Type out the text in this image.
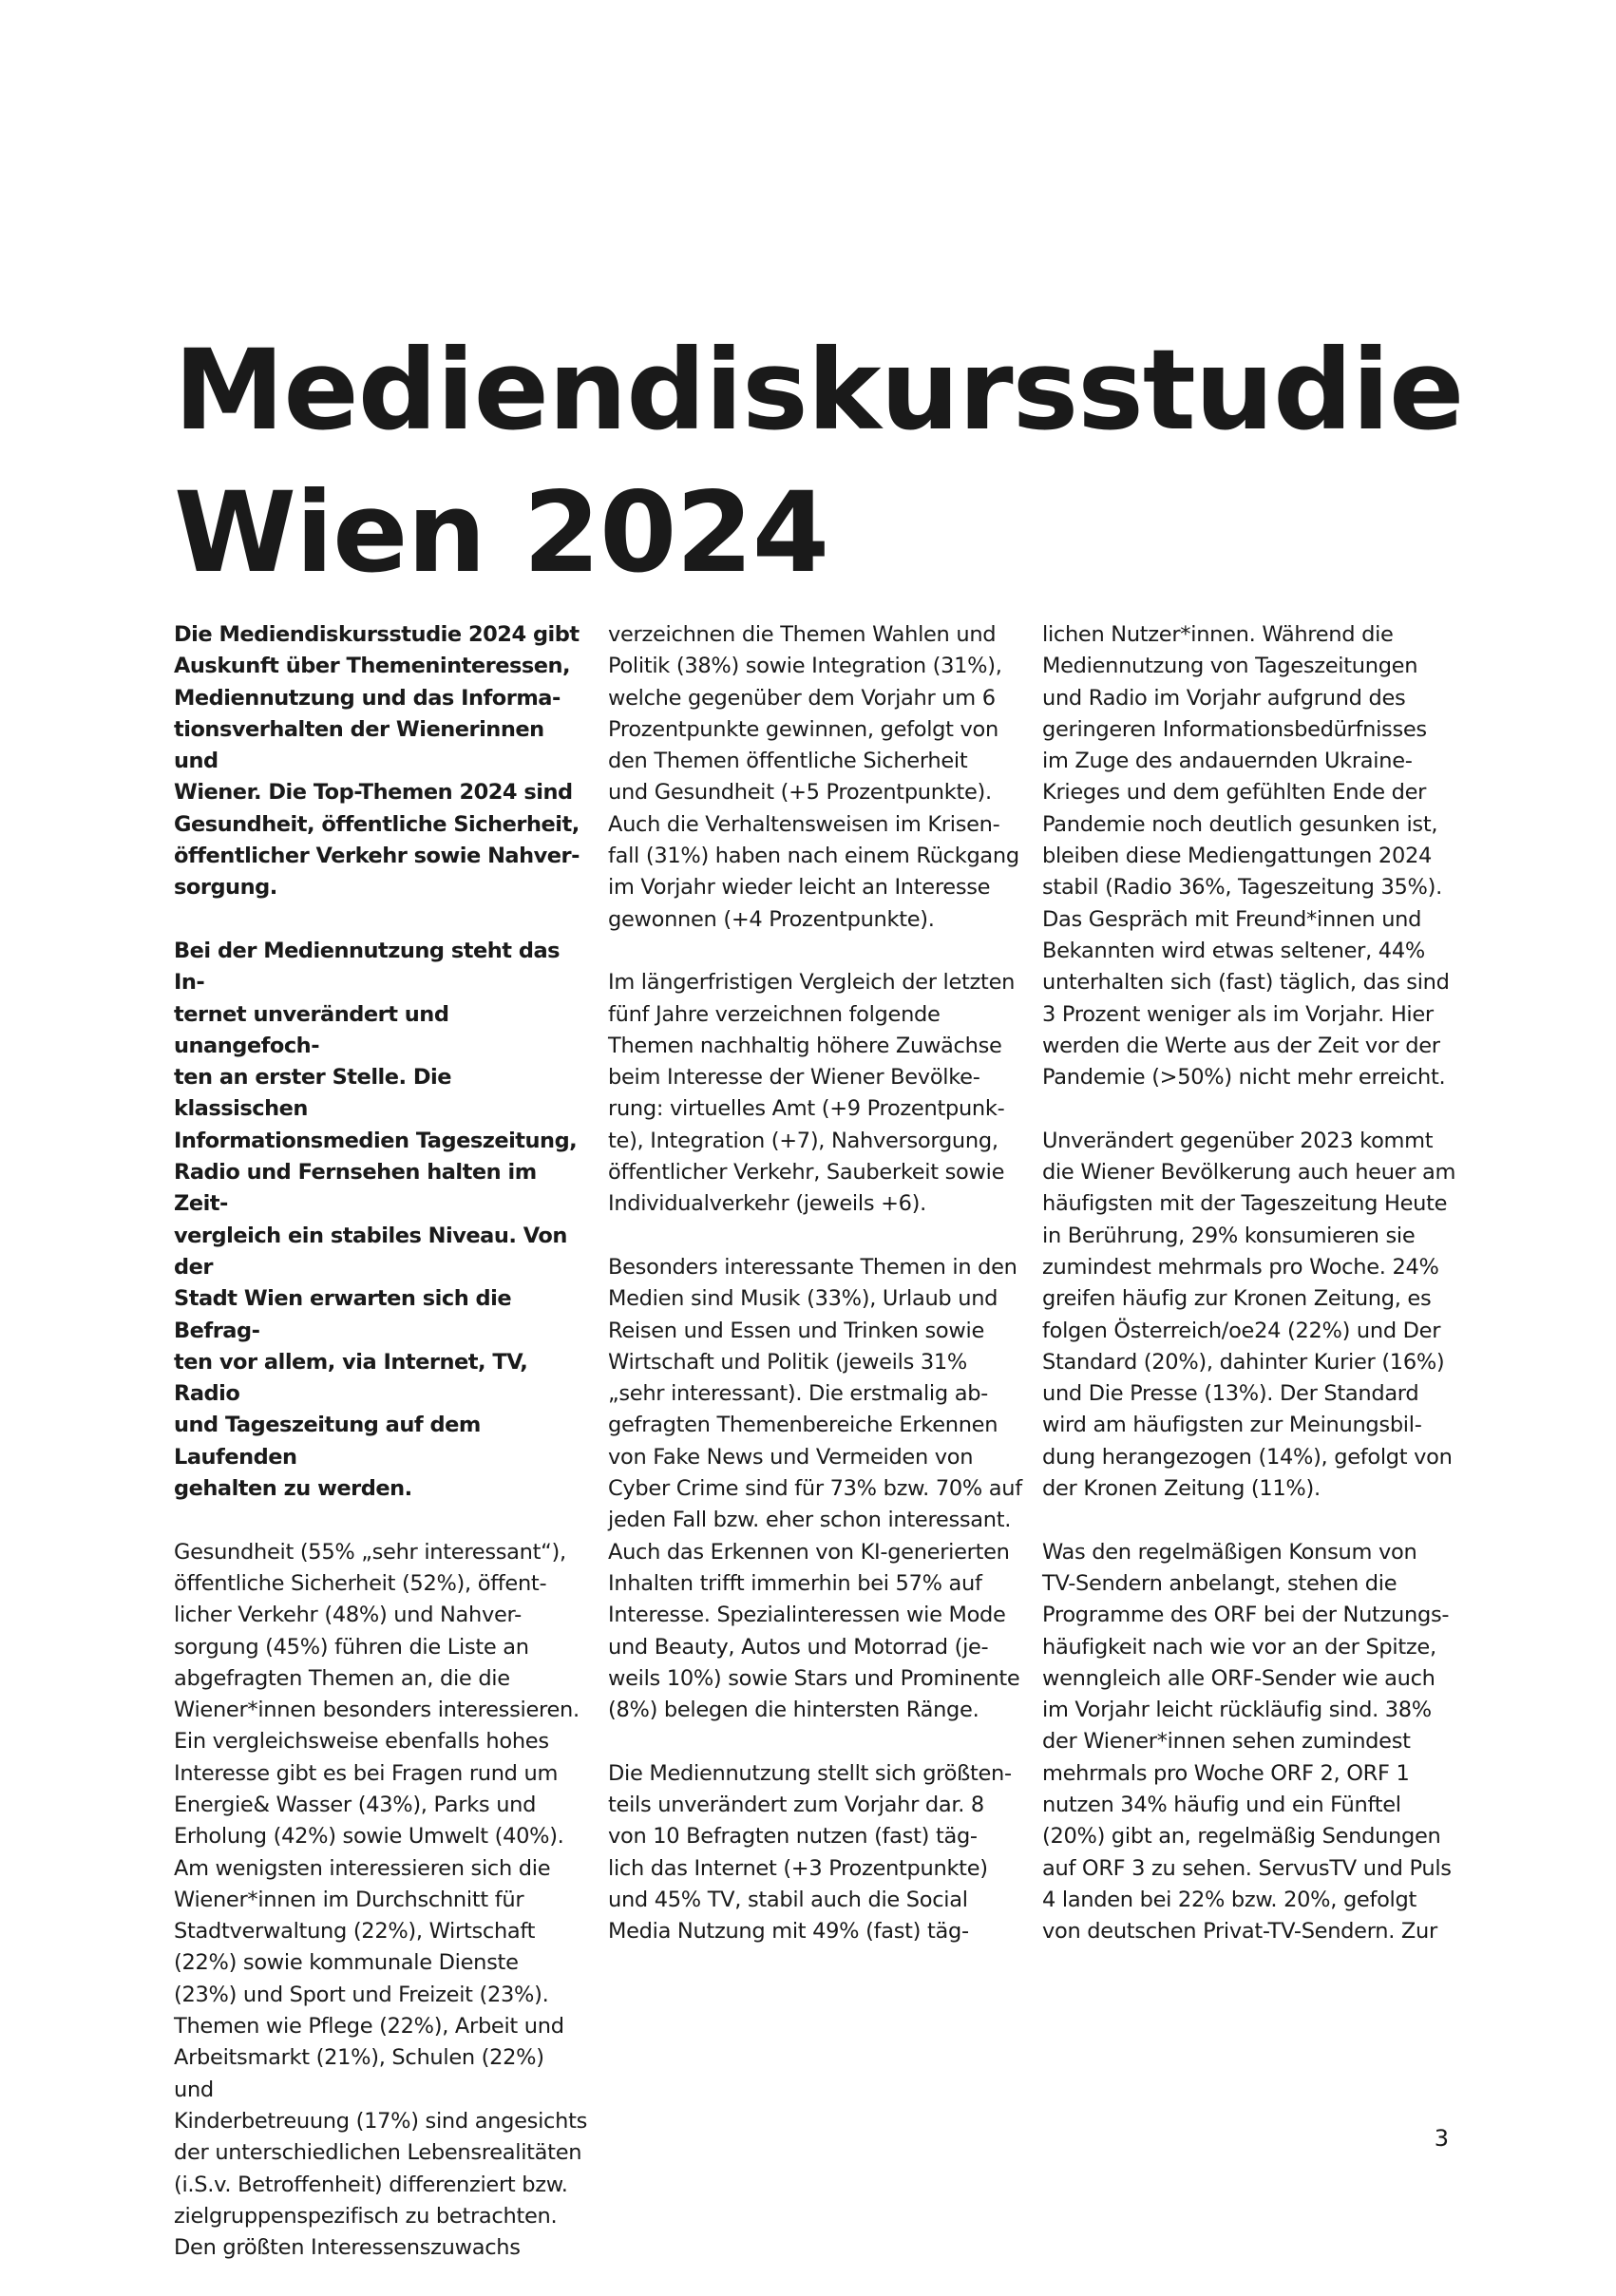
Mediendiskursstudie
Wien 2024

Die Mediendiskursstudie 2024 gibt
Auskunft über Themeninteressen,
Mediennutzung und das Informa-
tionsverhalten der Wienerinnen und
Wiener. Die Top-Themen 2024 sind
Gesundheit, öffentliche Sicherheit,
öffentlicher Verkehr sowie Nahver-
sorgung.

Bei der Mediennutzung steht das In-
ternet unverändert und unangefoch-
ten an erster Stelle. Die klassischen
Informationsmedien Tageszeitung,
Radio und Fernsehen halten im Zeit-
vergleich ein stabiles Niveau. Von der
Stadt Wien erwarten sich die Befrag-
ten vor allem, via Internet, TV, Radio
und Tageszeitung auf dem Laufenden
gehalten zu werden.

Gesundheit (55% „sehr interessant“),
öffentliche Sicherheit (52%), öffent-
licher Verkehr (48%) und Nahver-
sorgung (45%) führen die Liste an
abgefragten Themen an, die die
Wiener*innen besonders interessieren.
Ein vergleichsweise ebenfalls hohes
Interesse gibt es bei Fragen rund um
Energie& Wasser (43%), Parks und
Erholung (42%) sowie Umwelt (40%).
Am wenigsten interessieren sich die
Wiener*innen im Durchschnitt für
Stadtverwaltung (22%), Wirtschaft
(22%) sowie kommunale Dienste
(23%) und Sport und Freizeit (23%).
Themen wie Pflege (22%), Arbeit und
Arbeitsmarkt (21%), Schulen (22%) und
Kinderbetreuung (17%) sind angesichts
der unterschiedlichen Lebensrealitäten
(i.S.v. Betroffenheit) differenziert bzw.
zielgruppenspezifisch zu betrachten.
Den größten Interessenszuwachs

verzeichnen die Themen Wahlen und
Politik (38%) sowie Integration (31%),
welche gegenüber dem Vorjahr um 6
Prozentpunkte gewinnen, gefolgt von
den Themen öffentliche Sicherheit
und Gesundheit (+5 Prozentpunkte).
Auch die Verhaltensweisen im Krisen-
fall (31%) haben nach einem Rückgang
im Vorjahr wieder leicht an Interesse
gewonnen (+4 Prozentpunkte).

Im längerfristigen Vergleich der letzten
fünf Jahre verzeichnen folgende
Themen nachhaltig höhere Zuwächse
beim Interesse der Wiener Bevölke-
rung: virtuelles Amt (+9 Prozentpunk-
te), Integration (+7), Nahversorgung,
öffentlicher Verkehr, Sauberkeit sowie
Individualverkehr (jeweils +6).

Besonders interessante Themen in den
Medien sind Musik (33%), Urlaub und
Reisen und Essen und Trinken sowie
Wirtschaft und Politik (jeweils 31%
„sehr interessant). Die erstmalig ab-
gefragten Themenbereiche Erkennen
von Fake News und Vermeiden von
Cyber Crime sind für 73% bzw. 70% auf
jeden Fall bzw. eher schon interessant.
Auch das Erkennen von KI-generierten
Inhalten trifft immerhin bei 57% auf
Interesse. Spezialinteressen wie Mode
und Beauty, Autos und Motorrad (je-
weils 10%) sowie Stars und Prominente
(8%) belegen die hintersten Ränge.

Die Mediennutzung stellt sich größten-
teils unverändert zum Vorjahr dar. 8
von 10 Befragten nutzen (fast) täg-
lich das Internet (+3 Prozentpunkte)
und 45% TV, stabil auch die Social
Media Nutzung mit 49% (fast) täg-

lichen Nutzer*innen. Während die
Mediennutzung von Tageszeitungen
und Radio im Vorjahr aufgrund des
geringeren Informationsbedürfnisses
im Zuge des andauernden Ukraine-
Krieges und dem gefühlten Ende der
Pandemie noch deutlich gesunken ist,
bleiben diese Mediengattungen 2024
stabil (Radio 36%, Tageszeitung 35%).
Das Gespräch mit Freund*innen und
Bekannten wird etwas seltener, 44%
unterhalten sich (fast) täglich, das sind
3 Prozent weniger als im Vorjahr. Hier
werden die Werte aus der Zeit vor der
Pandemie (>50%) nicht mehr erreicht.

Unverändert gegenüber 2023 kommt
die Wiener Bevölkerung auch heuer am
häufigsten mit der Tageszeitung Heute
in Berührung, 29% konsumieren sie
zumindest mehrmals pro Woche. 24%
greifen häufig zur Kronen Zeitung, es
folgen Österreich/oe24 (22%) und Der
Standard (20%), dahinter Kurier (16%)
und Die Presse (13%). Der Standard
wird am häufigsten zur Meinungsbil-
dung herangezogen (14%), gefolgt von
der Kronen Zeitung (11%).

Was den regelmäßigen Konsum von
TV-Sendern anbelangt, stehen die
Programme des ORF bei der Nutzungs-
häufigkeit nach wie vor an der Spitze,
wenngleich alle ORF-Sender wie auch
im Vorjahr leicht rückläufig sind. 38%
der Wiener*innen sehen zumindest
mehrmals pro Woche ORF 2, ORF 1
nutzen 34% häufig und ein Fünftel
(20%) gibt an, regelmäßig Sendungen
auf ORF 3 zu sehen. ServusTV und Puls
4 landen bei 22% bzw. 20%, gefolgt
von deutschen Privat-TV-Sendern. Zur

3
